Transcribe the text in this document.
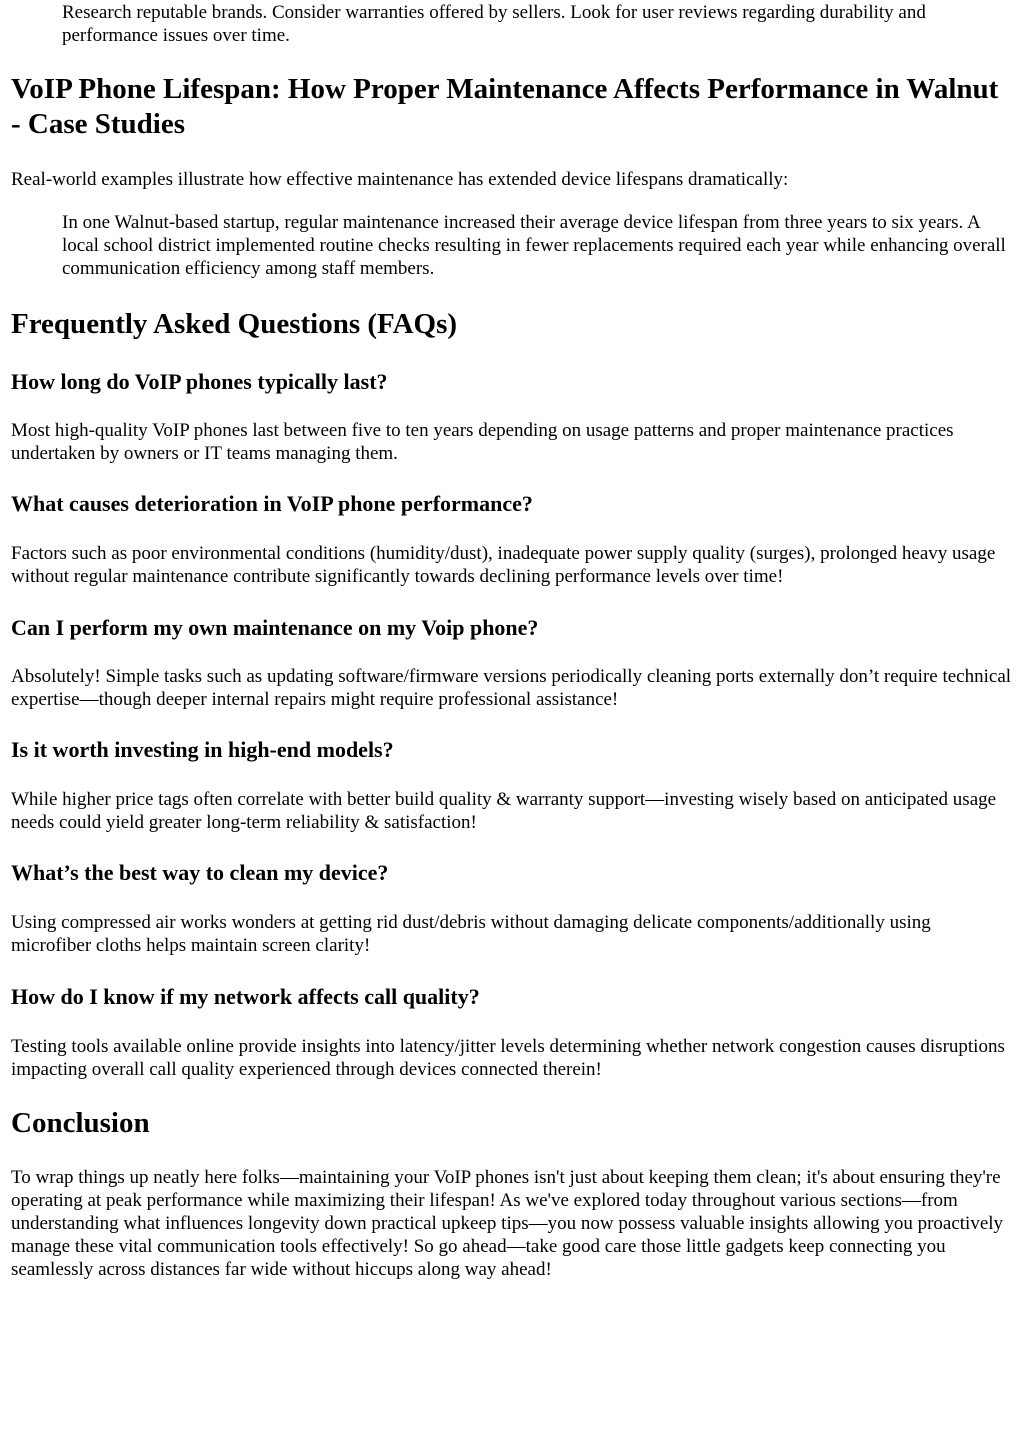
Research reputable brands. Consider warranties offered by sellers. Look for user reviews regarding durability and performance issues over time.
VoIP Phone Lifespan: How Proper Maintenance Affects Performance in Walnut - Case Studies

Real-world examples illustrate how effective maintenance has extended device lifespans dramatically:

In one Walnut-based startup, regular maintenance increased their average device lifespan from three years to six years. A local school district implemented routine checks resulting in fewer replacements required each year while enhancing overall communication efficiency among staff members.
Frequently Asked Questions (FAQs)
How long do VoIP phones typically last?

Most high-quality VoIP phones last between five to ten years depending on usage patterns and proper maintenance practices undertaken by owners or IT teams managing them.

What causes deterioration in VoIP phone performance?

Factors such as poor environmental conditions (humidity/dust), inadequate power supply quality (surges), prolonged heavy usage without regular maintenance contribute significantly towards declining performance levels over time!

Can I perform my own maintenance on my Voip phone?

Absolutely! Simple tasks such as updating software/firmware versions periodically cleaning ports externally don’t require technical expertise—though deeper internal repairs might require professional assistance!

Is it worth investing in high-end models?

While higher price tags often correlate with better build quality & warranty support—investing wisely based on anticipated usage needs could yield greater long-term reliability & satisfaction!

What’s the best way to clean my device?

Using compressed air works wonders at getting rid dust/debris without damaging delicate components/additionally using microfiber cloths helps maintain screen clarity!

How do I know if my network affects call quality?

Testing tools available online provide insights into latency/jitter levels determining whether network congestion causes disruptions impacting overall call quality experienced through devices connected therein!

Conclusion

To wrap things up neatly here folks—maintaining your VoIP phones isn't just about keeping them clean; it's about ensuring they're operating at peak performance while maximizing their lifespan! As we've explored today throughout various sections—from understanding what influences longevity down practical upkeep tips—you now possess valuable insights allowing you proactively manage these vital communication tools effectively! So go ahead—take good care those little gadgets keep connecting you seamlessly across distances far wide without hiccups along way ahead!
